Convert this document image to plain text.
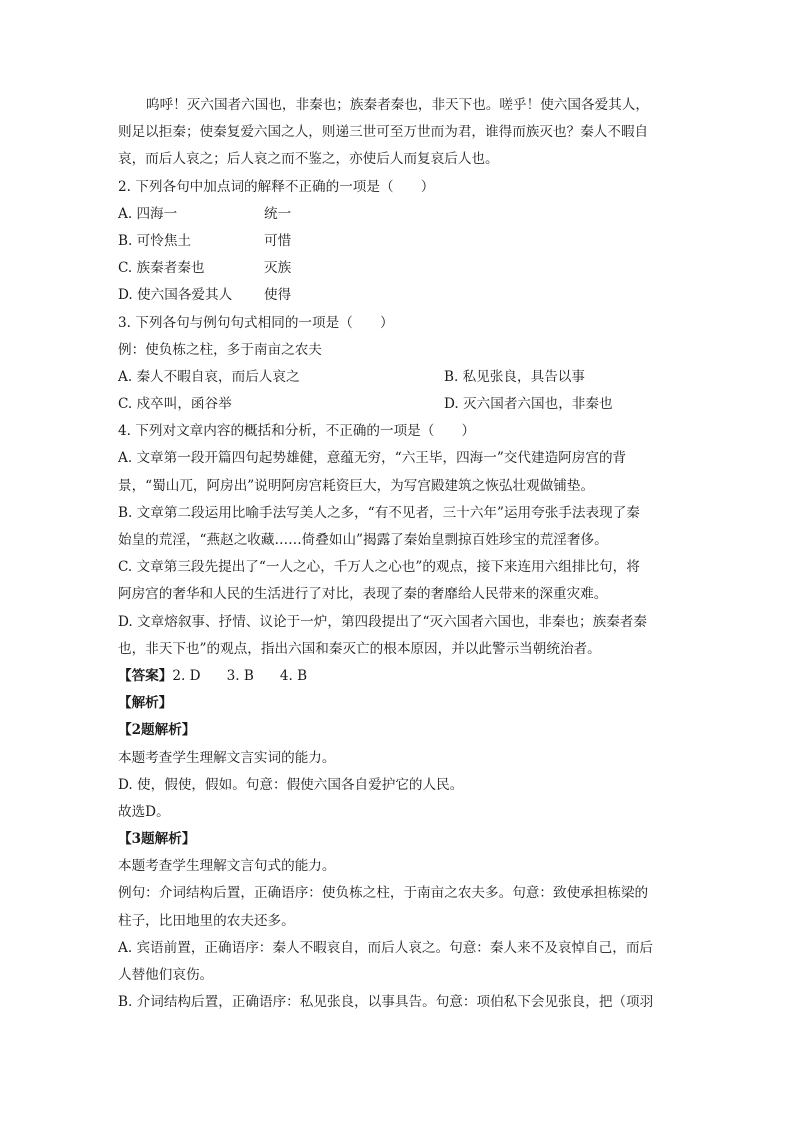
呜呼！灭六国者六国也，非秦也；族秦者秦也，非天下也。嗟乎！使六国各爱其人，
则足以拒秦；使秦复爱六国之人，则递三世可至万世而为君，谁得而族灭也？秦人不暇自
哀，而后人哀之；后人哀之而不鉴之，亦使后人而复哀后人也。
2. 下列各句中加点词的解释不正确的一项是（　　）
A. 四海一	统一
B. 可怜焦土	可惜
C. 族秦者秦也	灭族
D. 使六国各爱其人	使得
3. 下列各句与例句句式相同的一项是（　　）
例：使负栋之柱，多于南亩之农夫
A. 秦人不暇自哀，而后人哀之	B. 私见张良，具告以事
C. 戍卒叫，函谷举	D. 灭六国者六国也，非秦也
4. 下列对文章内容的概括和分析，不正确的一项是（　　）
A. 文章第一段开篇四句起势雄健，意蕴无穷，“六王毕，四海一”交代建造阿房宫的背
景，“蜀山兀，阿房出”说明阿房宫耗资巨大，为写宫殿建筑之恢弘壮观做铺垫。
B. 文章第二段运用比喻手法写美人之多，“有不见者，三十六年”运用夸张手法表现了秦
始皇的荒淫，“燕赵之收藏……倚叠如山”揭露了秦始皇剽掠百姓珍宝的荒淫奢侈。
C. 文章第三段先提出了“一人之心，千万人之心也”的观点，接下来连用六组排比句，将
阿房宫的奢华和人民的生活进行了对比，表现了秦的奢靡给人民带来的深重灾难。
D. 文章熔叙事、抒情、议论于一炉，第四段提出了“灭六国者六国也，非秦也；族秦者秦
也，非天下也”的观点，指出六国和秦灭亡的根本原因，并以此警示当朝统治者。
【答案】2. D 3. B 4. B
【解析】
【2题解析】
本题考查学生理解文言实词的能力。
D. 使，假使，假如。句意：假使六国各自爱护它的人民。
故选D。
【3题解析】
本题考查学生理解文言句式的能力。
例句：介词结构后置，正确语序：使负栋之柱，于南亩之农夫多。句意：致使承担栋梁的
柱子，比田地里的农夫还多。
A. 宾语前置，正确语序：秦人不暇哀自，而后人哀之。句意：秦人来不及哀悼自己，而后
人替他们哀伤。
B. 介词结构后置，正确语序：私见张良，以事具告。句意：项伯私下会见张良，把（项羽
